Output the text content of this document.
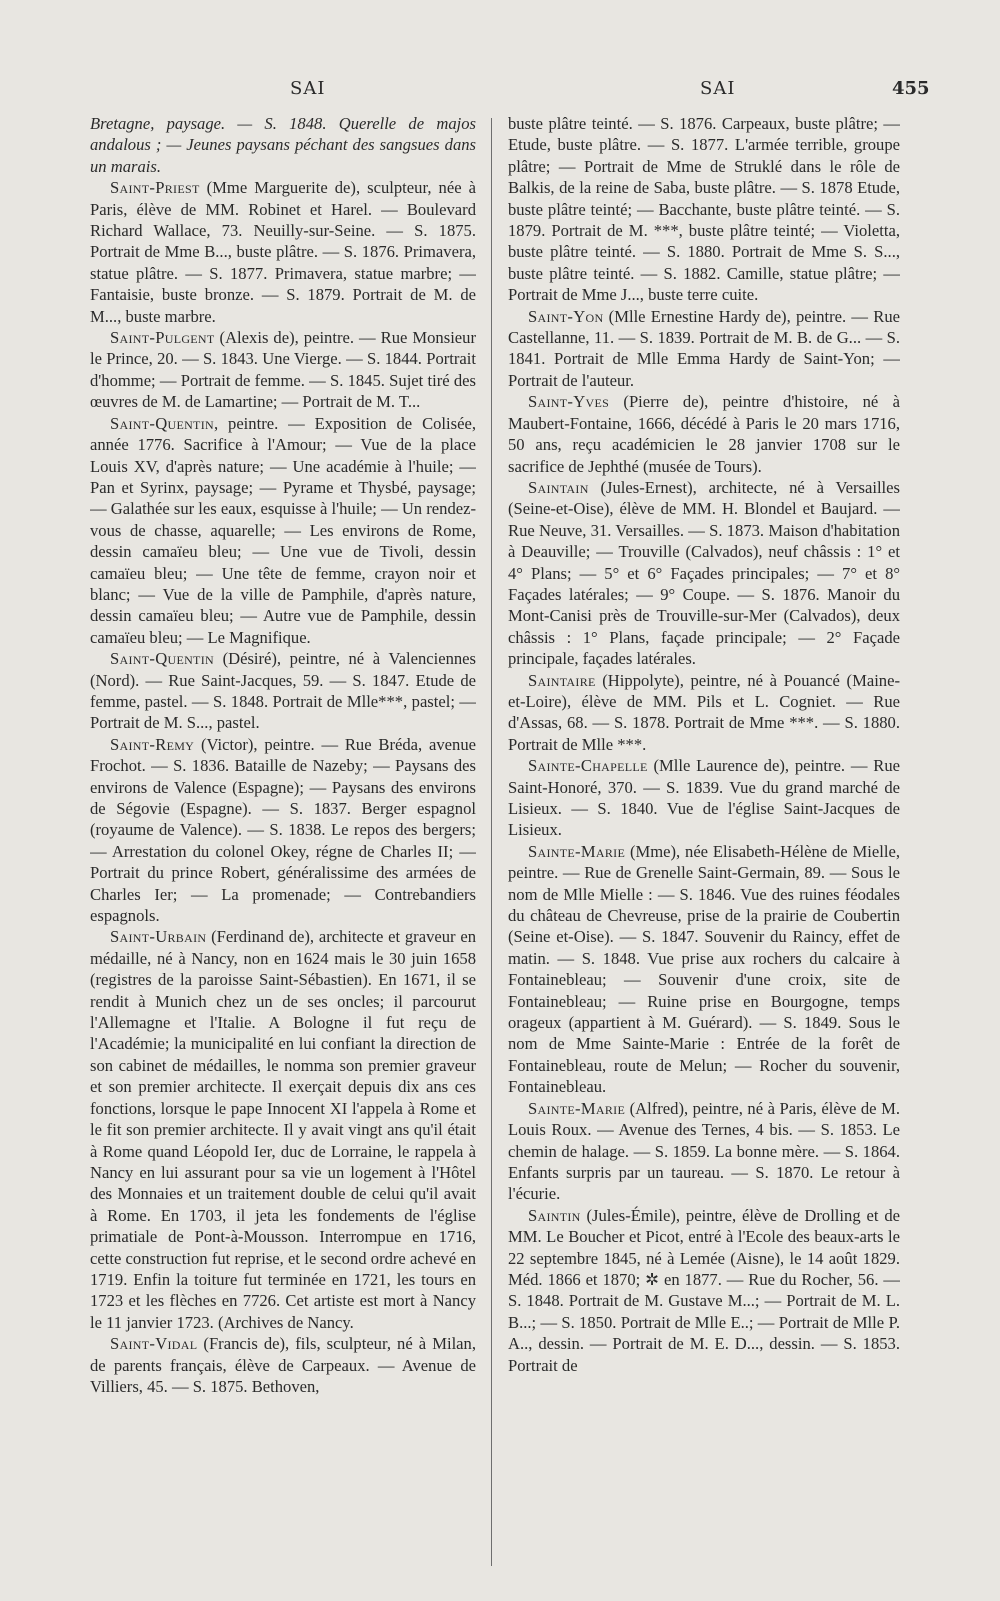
SAI	SAI	455

Bretagne, paysage. — S. 1848. Querelle de majos andalous ; — Jeunes paysans péchant des sangsues dans un marais.

Saint-Priest (Mme Marguerite de), sculpteur, née à Paris, élève de MM. Robinet et Harel. — Boulevard Richard Wallace, 73. Neuilly-sur-Seine. — S. 1875. Portrait de Mme B..., buste plâtre. — S. 1876. Primavera, statue plâtre. — S. 1877. Primavera, statue marbre; — Fantaisie, buste bronze. — S. 1879. Portrait de M. de M..., buste marbre.

Saint-Pulgent (Alexis de), peintre. — Rue Monsieur le Prince, 20. — S. 1843. Une Vierge. — S. 1844. Portrait d'homme; — Portrait de femme. — S. 1845. Sujet tiré des œuvres de M. de Lamartine; — Portrait de M. T...

Saint-Quentin, peintre. — Exposition de Colisée, année 1776. Sacrifice à l'Amour; — Vue de la place Louis XV, d'après nature; — Une académie à l'huile; — Pan et Syrinx, paysage; — Pyrame et Thysbé, paysage; — Galathée sur les eaux, esquisse à l'huile; — Un rendez-vous de chasse, aquarelle; — Les environs de Rome, dessin camaïeu bleu; — Une vue de Tivoli, dessin camaïeu bleu; — Une tête de femme, crayon noir et blanc; — Vue de la ville de Pamphile, d'après nature, dessin camaïeu bleu; — Autre vue de Pamphile, dessin camaïeu bleu; — Le Magnifique.

Saint-Quentin (Désiré), peintre, né à Valenciennes (Nord). — Rue Saint-Jacques, 59. — S. 1847. Etude de femme, pastel. — S. 1848. Portrait de Mlle***, pastel; — Portrait de M. S..., pastel.

Saint-Remy (Victor), peintre. — Rue Bréda, avenue Frochot. — S. 1836. Bataille de Nazeby; — Paysans des environs de Valence (Espagne); — Paysans des environs de Ségovie (Espagne). — S. 1837. Berger espagnol (royaume de Valence). — S. 1838. Le repos des bergers; — Arrestation du colonel Okey, régne de Charles II; — Portrait du prince Robert, généralissime des armées de Charles Ier; — La promenade; — Contrebandiers espagnols.

Saint-Urbain (Ferdinand de), architecte et graveur en médaille, né à Nancy, non en 1624 mais le 30 juin 1658 (registres de la paroisse Saint-Sébastien). En 1671, il se rendit à Munich chez un de ses oncles; il parcourut l'Allemagne et l'Italie. A Bologne il fut reçu de l'Académie; la municipalité en lui confiant la direction de son cabinet de médailles, le nomma son premier graveur et son premier architecte. Il exerçait depuis dix ans ces fonctions, lorsque le pape Innocent XI l'appela à Rome et le fit son premier architecte. Il y avait vingt ans qu'il était à Rome quand Léopold Ier, duc de Lorraine, le rappela à Nancy en lui assurant pour sa vie un logement à l'Hôtel des Monnaies et un traitement double de celui qu'il avait à Rome. En 1703, il jeta les fondements de l'église primatiale de Pont-à-Mousson. Interrompue en 1716, cette construction fut reprise, et le second ordre achevé en 1719. Enfin la toiture fut terminée en 1721, les tours en 1723 et les flèches en 7726. Cet artiste est mort à Nancy le 11 janvier 1723. (Archives de Nancy.

Saint-Vidal (Francis de), fils, sculpteur, né à Milan, de parents français, élève de Carpeaux. — Avenue de Villiers, 45. — S. 1875. Bethoven,

buste plâtre teinté. — S. 1876. Carpeaux, buste plâtre; — Etude, buste plâtre. — S. 1877. L'armée terrible, groupe plâtre; — Portrait de Mme de Struklé dans le rôle de Balkis, de la reine de Saba, buste plâtre. — S. 1878 Etude, buste plâtre teinté; — Bacchante, buste plâtre teinté. — S. 1879. Portrait de M. ***, buste plâtre teinté; — Violetta, buste plâtre teinté. — S. 1880. Portrait de Mme S. S..., buste plâtre teinté. — S. 1882. Camille, statue plâtre; — Portrait de Mme J..., buste terre cuite.

Saint-Yon (Mlle Ernestine Hardy de), peintre. — Rue Castellanne, 11. — S. 1839. Portrait de M. B. de G... — S. 1841. Portrait de Mlle Emma Hardy de Saint-Yon; — Portrait de l'auteur.

Saint-Yves (Pierre de), peintre d'histoire, né à Maubert-Fontaine, 1666, décédé à Paris le 20 mars 1716, 50 ans, reçu académicien le 28 janvier 1708 sur le sacrifice de Jephthé (musée de Tours).

Saintain (Jules-Ernest), architecte, né à Versailles (Seine-et-Oise), élève de MM. H. Blondel et Baujard. — Rue Neuve, 31. Versailles. — S. 1873. Maison d'habitation à Deauville; — Trouville (Calvados), neuf châssis : 1° et 4° Plans; — 5° et 6° Façades principales; — 7° et 8° Façades latérales; — 9° Coupe. — S. 1876. Manoir du Mont-Canisi près de Trouville-sur-Mer (Calvados), deux châssis : 1° Plans, façade principale; — 2° Façade principale, façades latérales.

Saintaire (Hippolyte), peintre, né à Pouancé (Maine-et-Loire), élève de MM. Pils et L. Cogniet. — Rue d'Assas, 68. — S. 1878. Portrait de Mme ***. — S. 1880. Portrait de Mlle ***.

Sainte-Chapelle (Mlle Laurence de), peintre. — Rue Saint-Honoré, 370. — S. 1839. Vue du grand marché de Lisieux. — S. 1840. Vue de l'église Saint-Jacques de Lisieux.

Sainte-Marie (Mme), née Elisabeth-Hélène de Mielle, peintre. — Rue de Grenelle Saint-Germain, 89. — Sous le nom de Mlle Mielle : — S. 1846. Vue des ruines féodales du château de Chevreuse, prise de la prairie de Coubertin (Seine et-Oise). — S. 1847. Souvenir du Raincy, effet de matin. — S. 1848. Vue prise aux rochers du calcaire à Fontainebleau; — Souvenir d'une croix, site de Fontainebleau; — Ruine prise en Bourgogne, temps orageux (appartient à M. Guérard). — S. 1849. Sous le nom de Mme Sainte-Marie : Entrée de la forêt de Fontainebleau, route de Melun; — Rocher du souvenir, Fontainebleau.

Sainte-Marie (Alfred), peintre, né à Paris, élève de M. Louis Roux. — Avenue des Ternes, 4 bis. — S. 1853. Le chemin de halage. — S. 1859. La bonne mère. — S. 1864. Enfants surpris par un taureau. — S. 1870. Le retour à l'écurie.

Saintin (Jules-Émile), peintre, élève de Drolling et de MM. Le Boucher et Picot, entré à l'Ecole des beaux-arts le 22 septembre 1845, né à Lemée (Aisne), le 14 août 1829. Méd. 1866 et 1870; ✲ en 1877. — Rue du Rocher, 56. — S. 1848. Portrait de M. Gustave M...; — Portrait de M. L. B...; — S. 1850. Portrait de Mlle E..; — Portrait de Mlle P. A.., dessin. — Portrait de M. E. D..., dessin. — S. 1853. Portrait de
